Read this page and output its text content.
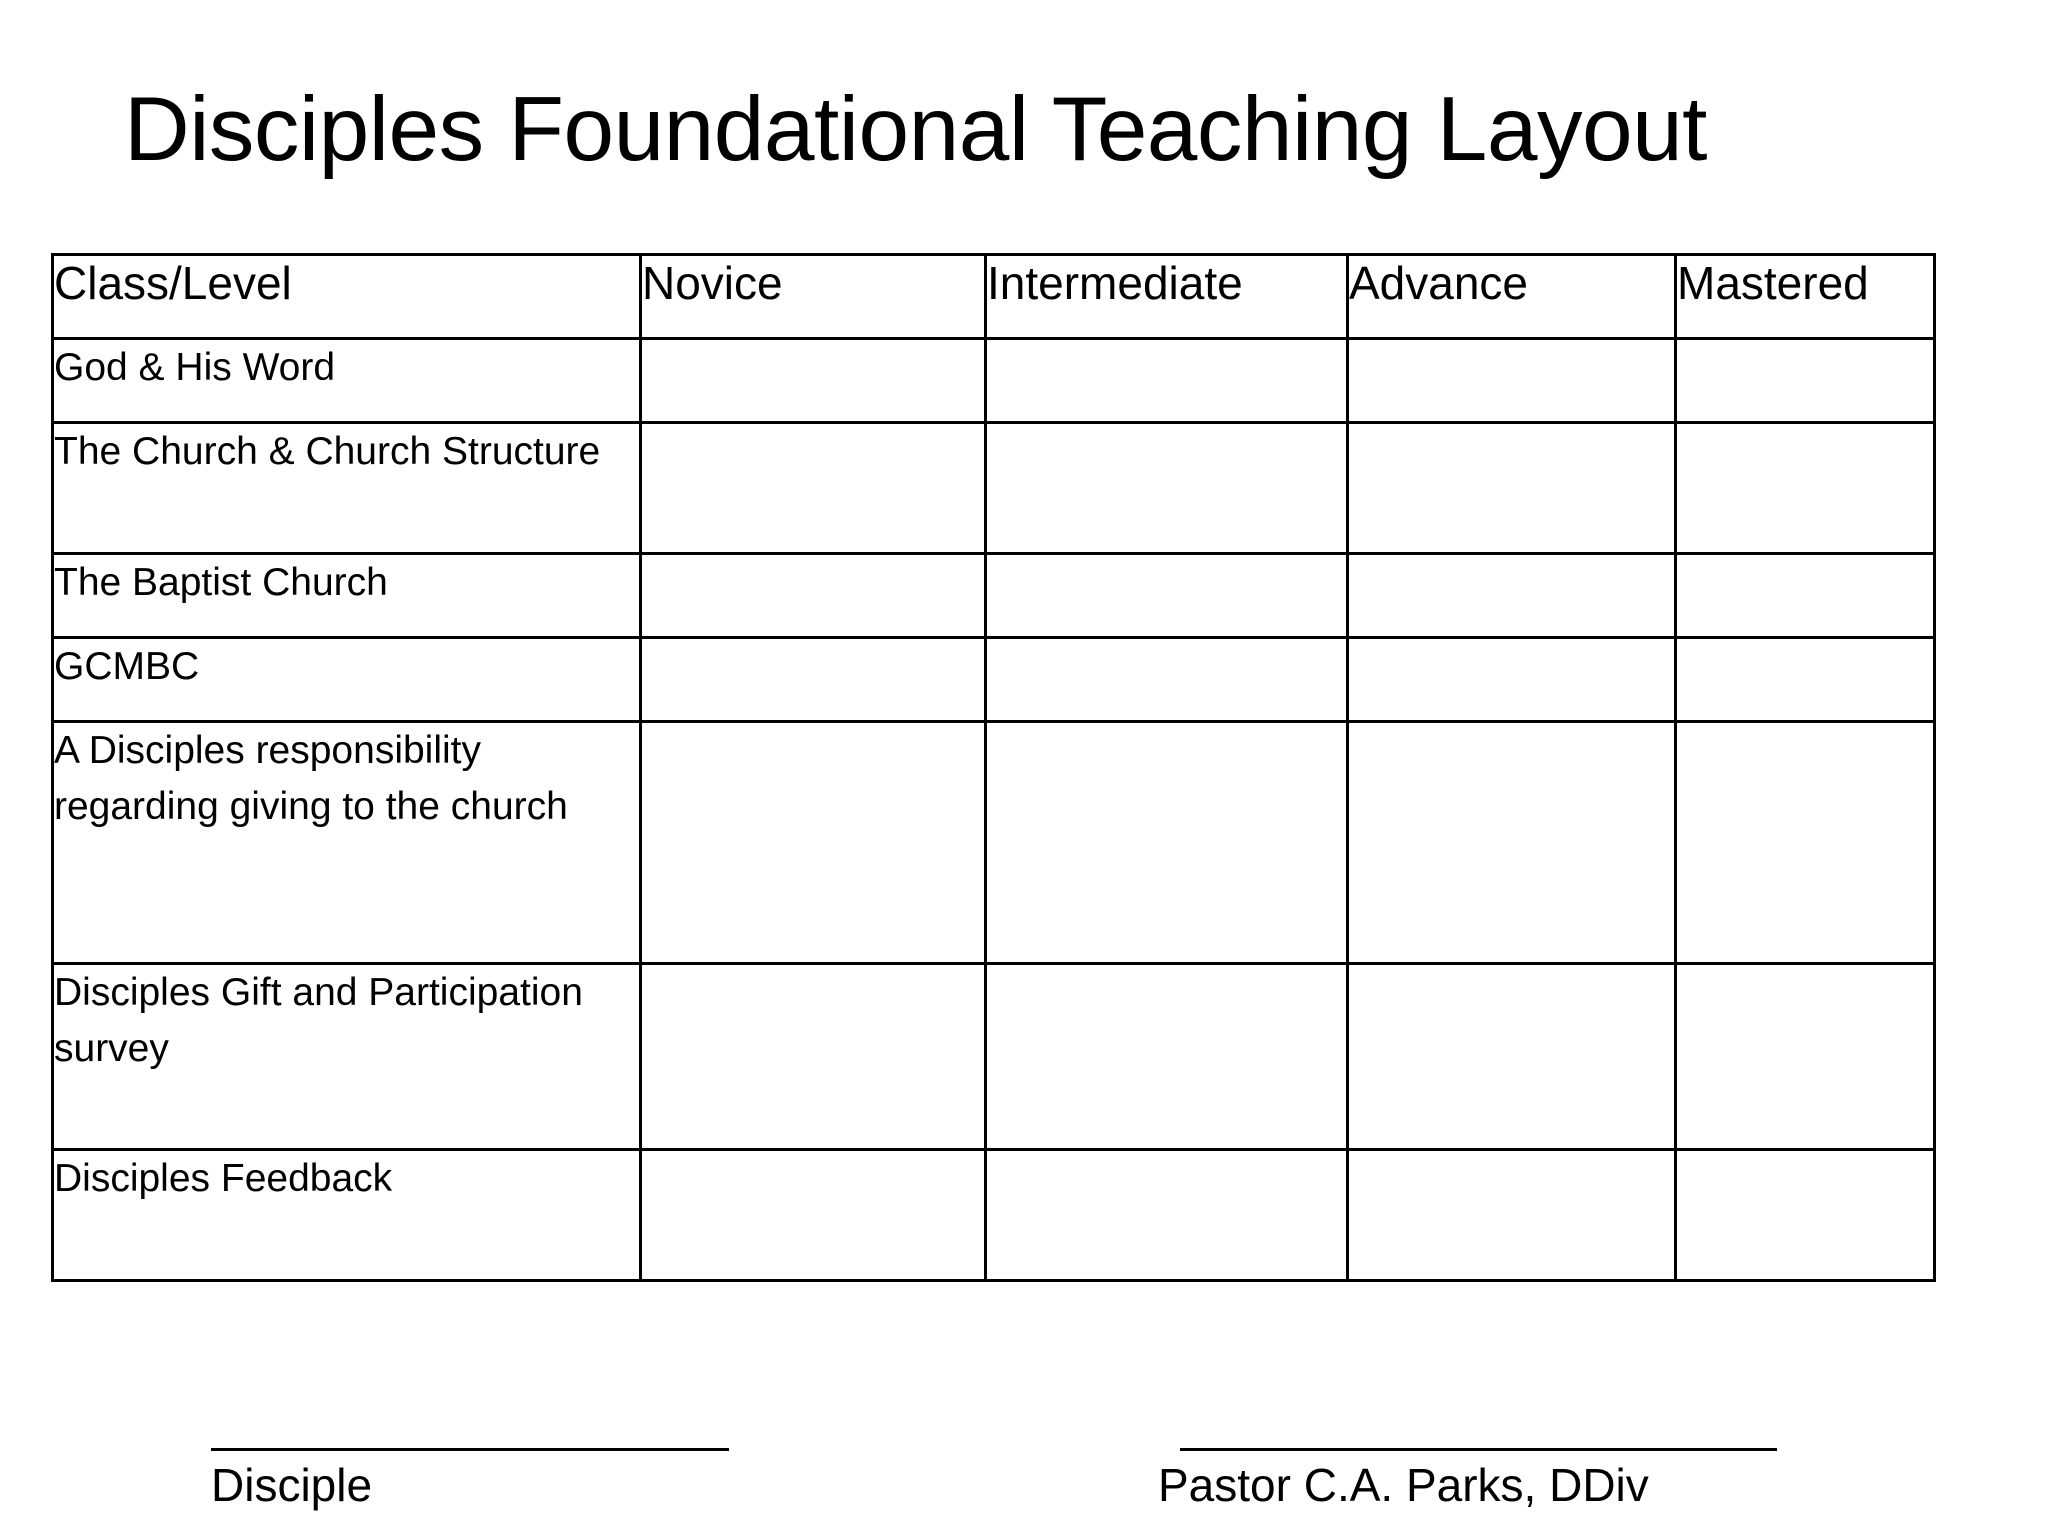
Disciples Foundational Teaching Layout
Class/Level	Novice	Intermediate	Advance	Mastered
God & His Word				
The Church & Church Structure				
The Baptist Church				
GCMBC				
A Disciples responsibility regarding giving to the church				
Disciples Gift and Participation survey				
Disciples Feedback				
Disciple	Pastor C.A. Parks, DDiv
